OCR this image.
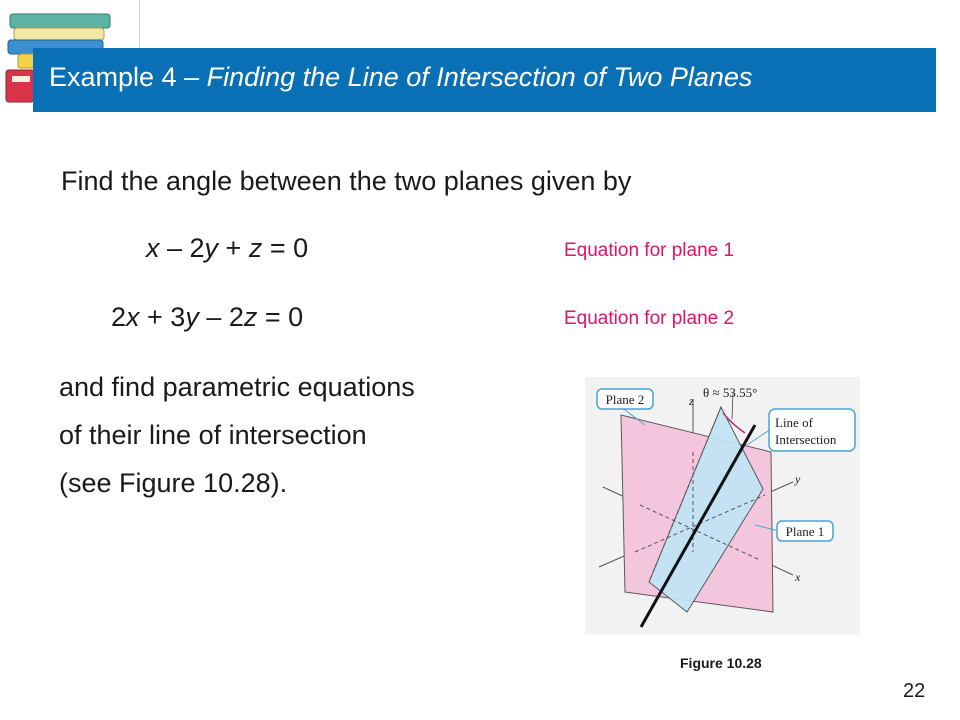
Example 4 – Finding the Line of Intersection of Two Planes
Find the angle between the two planes given by
x – 2y + z = 0	Equation for plane 1
2x + 3y – 2z = 0	Equation for plane 2
and find parametric equations
of their line of intersection
(see Figure 10.28).
Plane 2
Line of
Intersection
Plane 1
θ ≈ 53.55°
z
y
x
Figure 10.28
22
